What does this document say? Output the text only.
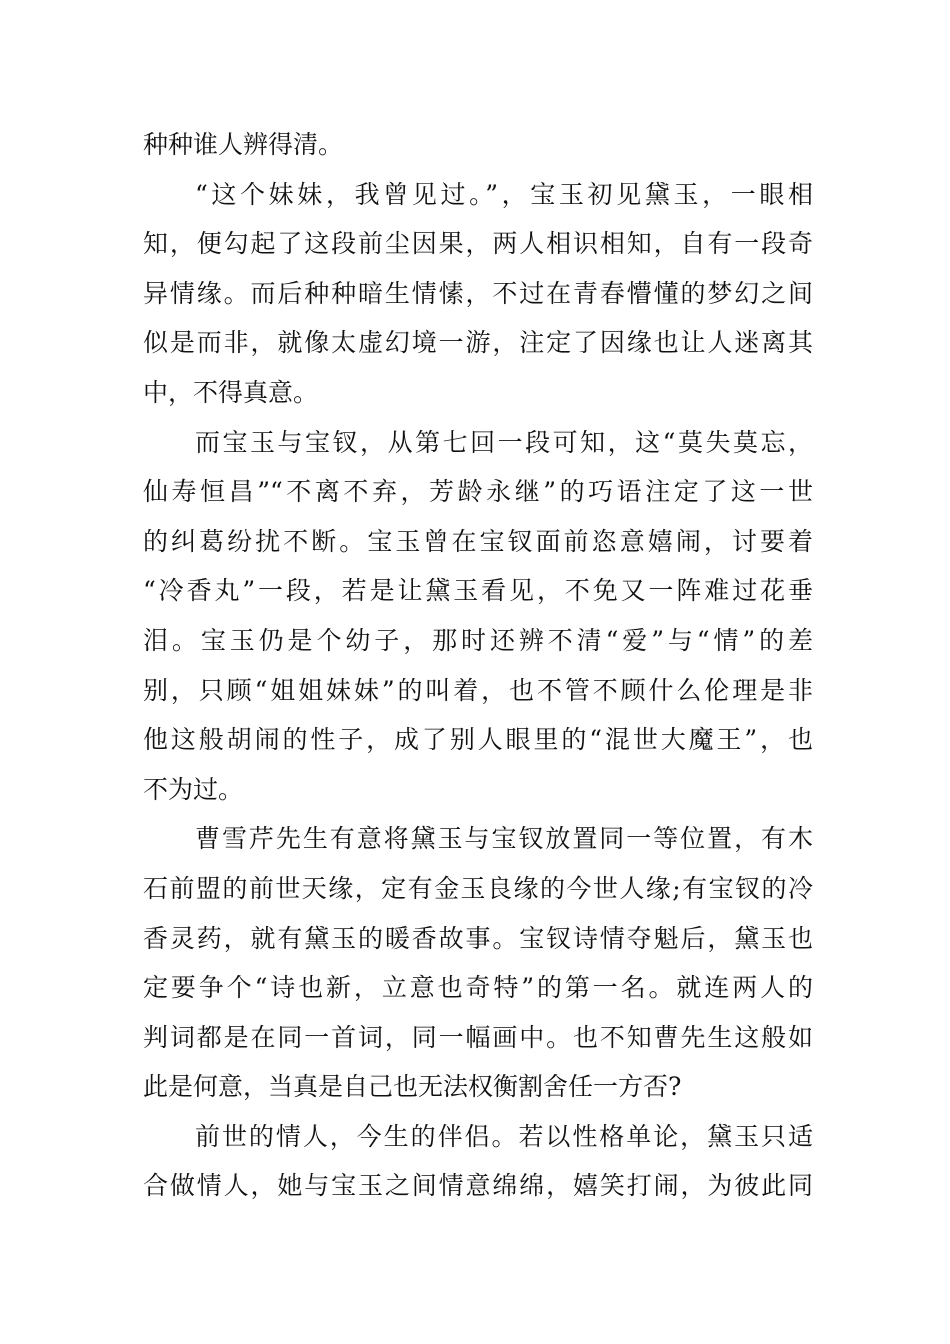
种种谁人辨得清。
“这个妹妹，我曾见过。”，宝玉初见黛玉，一眼相
知，便勾起了这段前尘因果，两人相识相知，自有一段奇
异情缘。而后种种暗生情愫，不过在青春懵懂的梦幻之间
似是而非，就像太虚幻境一游，注定了因缘也让人迷离其
中，不得真意。
而宝玉与宝钗，从第七回一段可知，这“莫失莫忘，
仙寿恒昌”“不离不弃，芳龄永继”的巧语注定了这一世
的纠葛纷扰不断。宝玉曾在宝钗面前恣意嬉闹，讨要着
“冷香丸”一段，若是让黛玉看见，不免又一阵难过花垂
泪。宝玉仍是个幼子，那时还辨不清“爱”与“情”的差
别，只顾“姐姐妹妹”的叫着，也不管不顾什么伦理是非
他这般胡闹的性子，成了别人眼里的“混世大魔王”，也
不为过。
曹雪芹先生有意将黛玉与宝钗放置同一等位置，有木
石前盟的前世天缘，定有金玉良缘的今世人缘;有宝钗的冷
香灵药，就有黛玉的暖香故事。宝钗诗情夺魁后，黛玉也
定要争个“诗也新，立意也奇特”的第一名。就连两人的
判词都是在同一首词，同一幅画中。也不知曹先生这般如
此是何意，当真是自己也无法权衡割舍任一方否?
前世的情人，今生的伴侣。若以性格单论，黛玉只适
合做情人，她与宝玉之间情意绵绵，嬉笑打闹，为彼此同
